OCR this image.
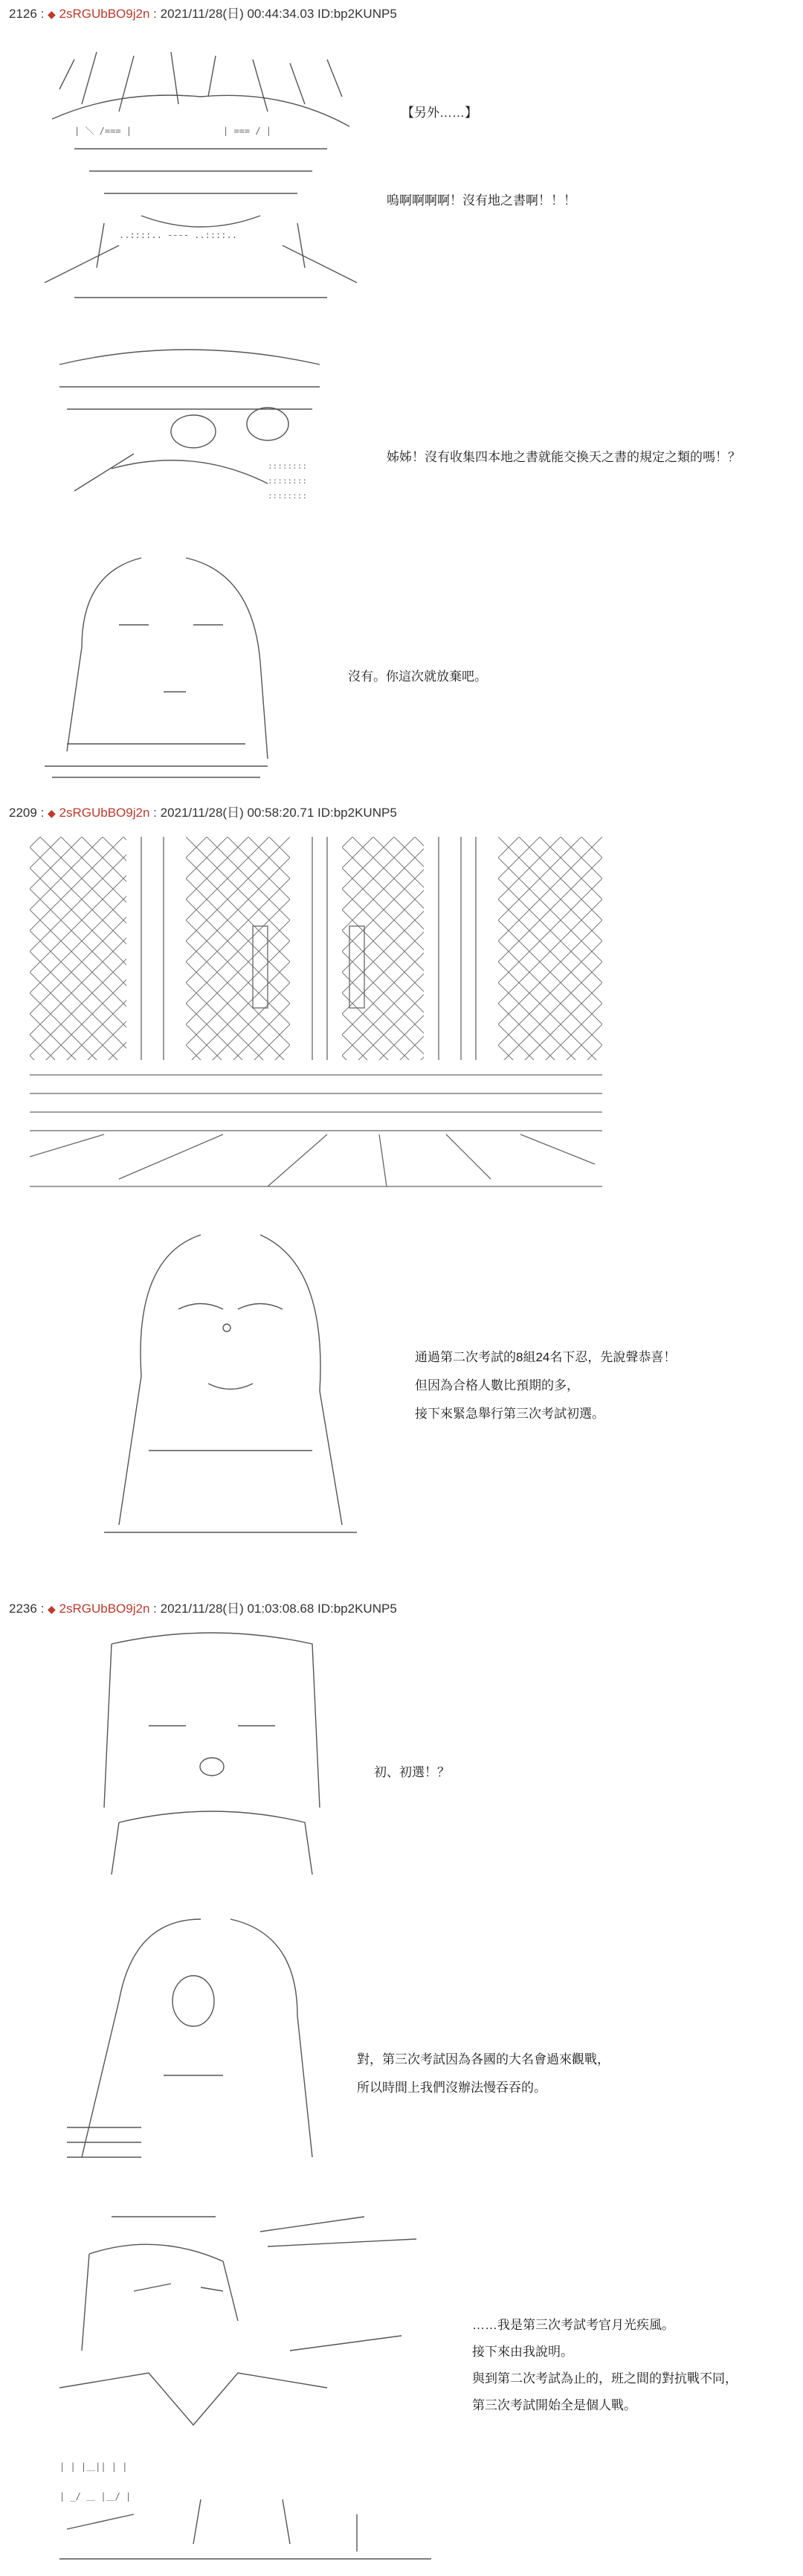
2126 : ◆ 2sRGUbBO9j2n : 2021/11/28(日) 00:44:34.03 ID:bp2KUNP5
| ＼ /=== |	| === / |
..::::.. ---- ..::::..
【另外……】
嗚啊啊啊啊！沒有地之書啊！！！
::::::::
::::::::
::::::::
姊姊！沒有收集四本地之書就能交換天之書的規定之類的嗎！？
沒有。你這次就放棄吧。
2209 : ◆ 2sRGUbBO9j2n : 2021/11/28(日) 00:58:20.71 ID:bp2KUNP5
通過第二次考試的8組24名下忍，先說聲恭喜！
但因為合格人數比預期的多，
接下來緊急舉行第三次考試初選。
2236 : ◆ 2sRGUbBO9j2n : 2021/11/28(日) 01:03:08.68 ID:bp2KUNP5
初、初選！？
對，第三次考試因為各國的大名會過來觀戰，
所以時間上我們沒辦法慢吞吞的。
| | |＿|| | |
| _/ ＿ |＿/ |
……我是第三次考試考官月光疾風。
接下來由我說明。
與到第二次考試為止的，班之間的對抗戰不同，
第三次考試開始全是個人戰。
